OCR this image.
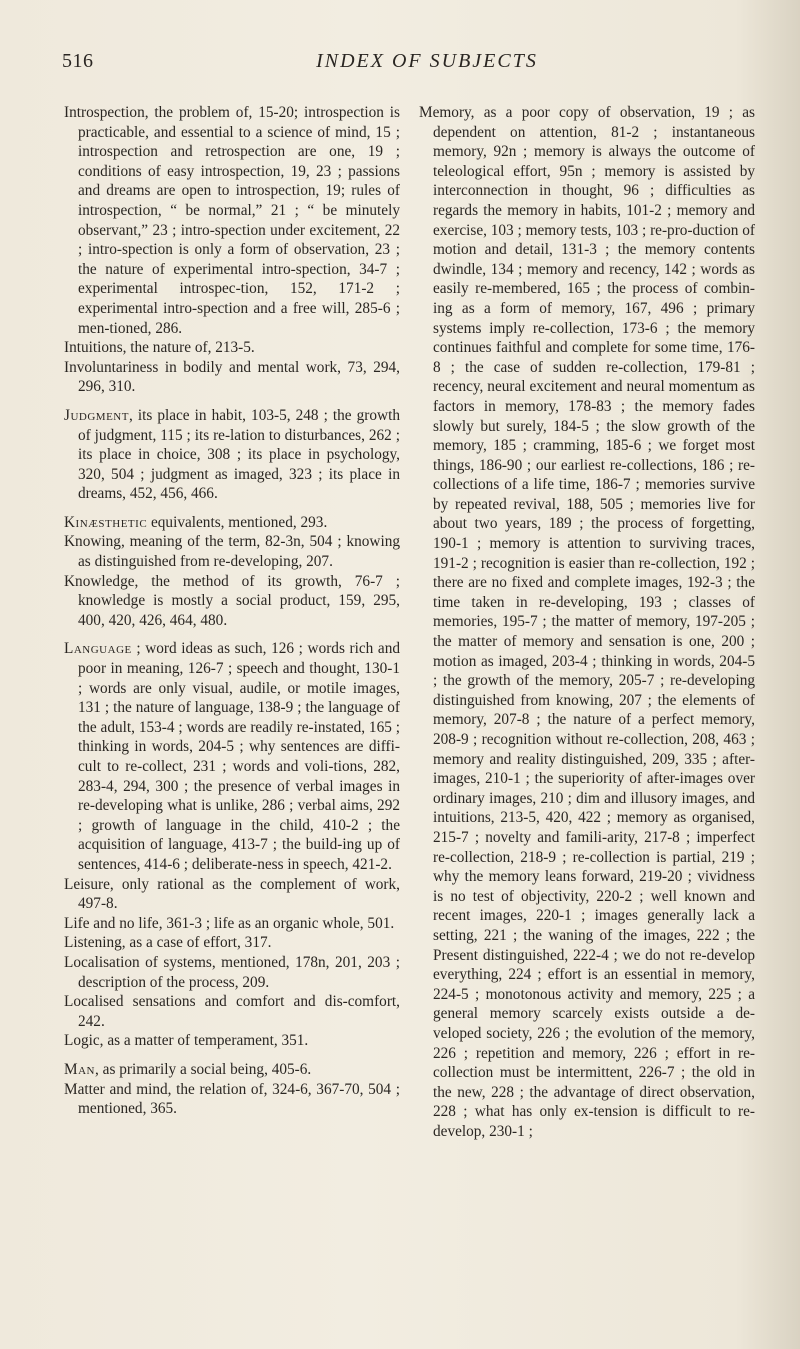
516	INDEX OF SUBJECTS

Introspection, the problem of, 15-20; introspection is practicable, and essential to a science of mind, 15 ; introspection and retrospection are one, 19 ; conditions of easy introspection, 19, 23 ; passions and dreams are open to introspection, 19; rules of introspection, “ be normal,” 21 ; “ be minutely observant,” 23 ; intro-spection under excitement, 22 ; intro-spection is only a form of observation, 23 ; the nature of experimental intro-spection, 34-7 ; experimental introspec-tion, 152, 171-2 ; experimental intro-spection and a free will, 285-6 ; men-tioned, 286.

Intuitions, the nature of, 213-5.

Involuntariness in bodily and mental work, 73, 294, 296, 310.

Judgment, its place in habit, 103-5, 248 ; the growth of judgment, 115 ; its re-lation to disturbances, 262 ; its place in choice, 308 ; its place in psychology, 320, 504 ; judgment as imaged, 323 ; its place in dreams, 452, 456, 466.

Kinæsthetic equivalents, mentioned, 293.

Knowing, meaning of the term, 82-3n, 504 ; knowing as distinguished from re-developing, 207.

Knowledge, the method of its growth, 76-7 ; knowledge is mostly a social product, 159, 295, 400, 420, 426, 464, 480.

Language ; word ideas as such, 126 ; words rich and poor in meaning, 126-7 ; speech and thought, 130-1 ; words are only visual, audile, or motile images, 131 ; the nature of language, 138-9 ; the language of the adult, 153-4 ; words are readily re-instated, 165 ; thinking in words, 204-5 ; why sentences are diffi-cult to re-collect, 231 ; words and voli-tions, 282, 283-4, 294, 300 ; the presence of verbal images in re-developing what is unlike, 286 ; verbal aims, 292 ; growth of language in the child, 410-2 ; the acquisition of language, 413-7 ; the build-ing up of sentences, 414-6 ; deliberate-ness in speech, 421-2.

Leisure, only rational as the complement of work, 497-8.

Life and no life, 361-3 ; life as an organic whole, 501.

Listening, as a case of effort, 317.

Localisation of systems, mentioned, 178n, 201, 203 ; description of the process, 209.

Localised sensations and comfort and dis-comfort, 242.

Logic, as a matter of temperament, 351.

Man, as primarily a social being, 405-6.

Matter and mind, the relation of, 324-6, 367-70, 504 ; mentioned, 365.

Memory, as a poor copy of observation, 19 ; as dependent on attention, 81-2 ; instantaneous memory, 92n ; memory is always the outcome of teleological effort, 95n ; memory is assisted by interconnection in thought, 96 ; difficulties as regards the memory in habits, 101-2 ; memory and exercise, 103 ; memory tests, 103 ; re-pro-duction of motion and detail, 131-3 ; the memory contents dwindle, 134 ; memory and recency, 142 ; words as easily re-membered, 165 ; the process of combin-ing as a form of memory, 167, 496 ; primary systems imply re-collection, 173-6 ; the memory continues faithful and complete for some time, 176-8 ; the case of sudden re-collection, 179-81 ; recency, neural excitement and neural momentum as factors in memory, 178-83 ; the memory fades slowly but surely, 184-5 ; the slow growth of the memory, 185 ; cramming, 185-6 ; we forget most things, 186-90 ; our earliest re-collections, 186 ; re-collections of a life time, 186-7 ; memories survive by repeated revival, 188, 505 ; memories live for about two years, 189 ; the process of forgetting, 190-1 ; memory is attention to surviving traces, 191-2 ; recognition is easier than re-collection, 192 ; there are no fixed and complete images, 192-3 ; the time taken in re-developing, 193 ; classes of memories, 195-7 ; the matter of memory, 197-205 ; the matter of memory and sensation is one, 200 ; motion as imaged, 203-4 ; thinking in words, 204-5 ; the growth of the memory, 205-7 ; re-developing distinguished from knowing, 207 ; the elements of memory, 207-8 ; the nature of a perfect memory, 208-9 ; recognition without re-collection, 208, 463 ; memory and reality distinguished, 209, 335 ; after-images, 210-1 ; the superiority of after-images over ordinary images, 210 ; dim and illusory images, and intuitions, 213-5, 420, 422 ; memory as organised, 215-7 ; novelty and famili-arity, 217-8 ; imperfect re-collection, 218-9 ; re-collection is partial, 219 ; why the memory leans forward, 219-20 ; vividness is no test of objectivity, 220-2 ; well known and recent images, 220-1 ; images generally lack a setting, 221 ; the waning of the images, 222 ; the Present distinguished, 222-4 ; we do not re-develop everything, 224 ; effort is an essential in memory, 224-5 ; monotonous activity and memory, 225 ; a general memory scarcely exists outside a de-veloped society, 226 ; the evolution of the memory, 226 ; repetition and memory, 226 ; effort in re-collection must be intermittent, 226-7 ; the old in the new, 228 ; the advantage of direct observation, 228 ; what has only ex-tension is difficult to re-develop, 230-1 ;
